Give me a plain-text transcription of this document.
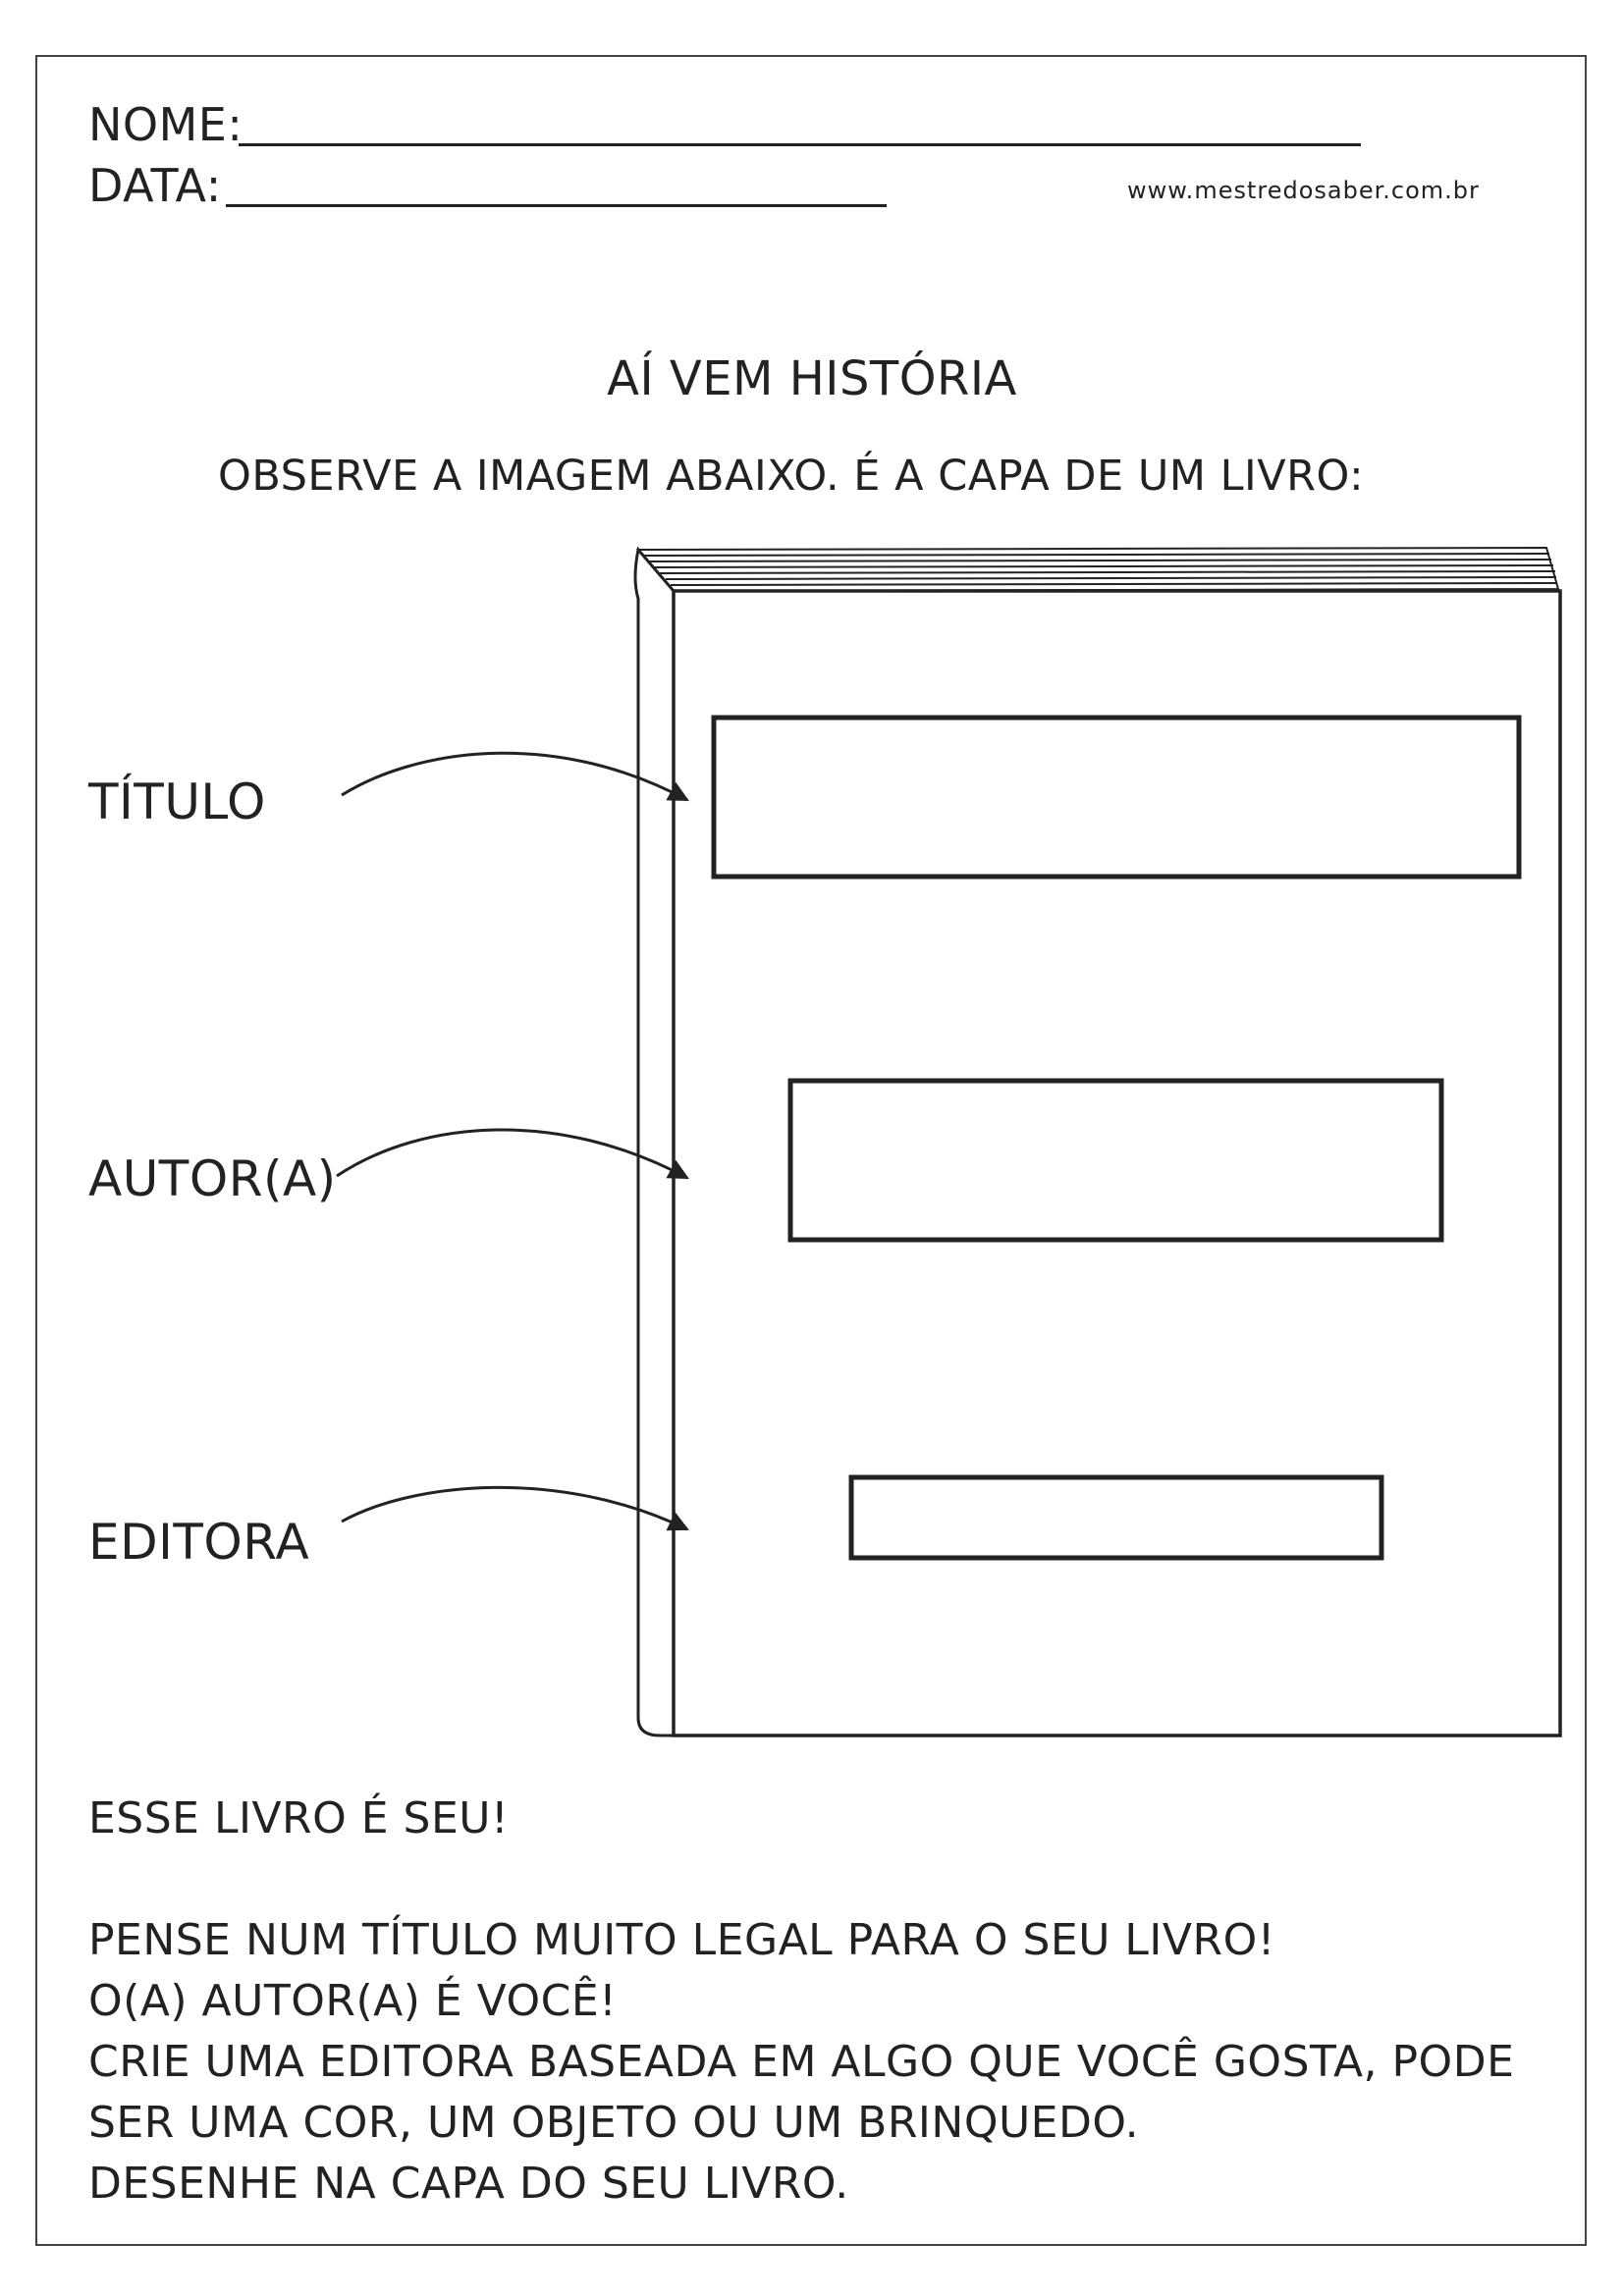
NOME:
DATA:	www.mestredosaber.com.br
AÍ VEM HISTÓRIA
OBSERVE A IMAGEM ABAIXO. É A CAPA DE UM LIVRO:
TÍTULO
AUTOR(A)
EDITORA
ESSE LIVRO É SEU!
PENSE NUM TÍTULO MUITO LEGAL PARA O SEU LIVRO!
O(A) AUTOR(A) É VOCÊ!
CRIE UMA EDITORA BASEADA EM ALGO QUE VOCÊ GOSTA, PODE
SER UMA COR, UM OBJETO OU UM BRINQUEDO.
DESENHE NA CAPA DO SEU LIVRO.
